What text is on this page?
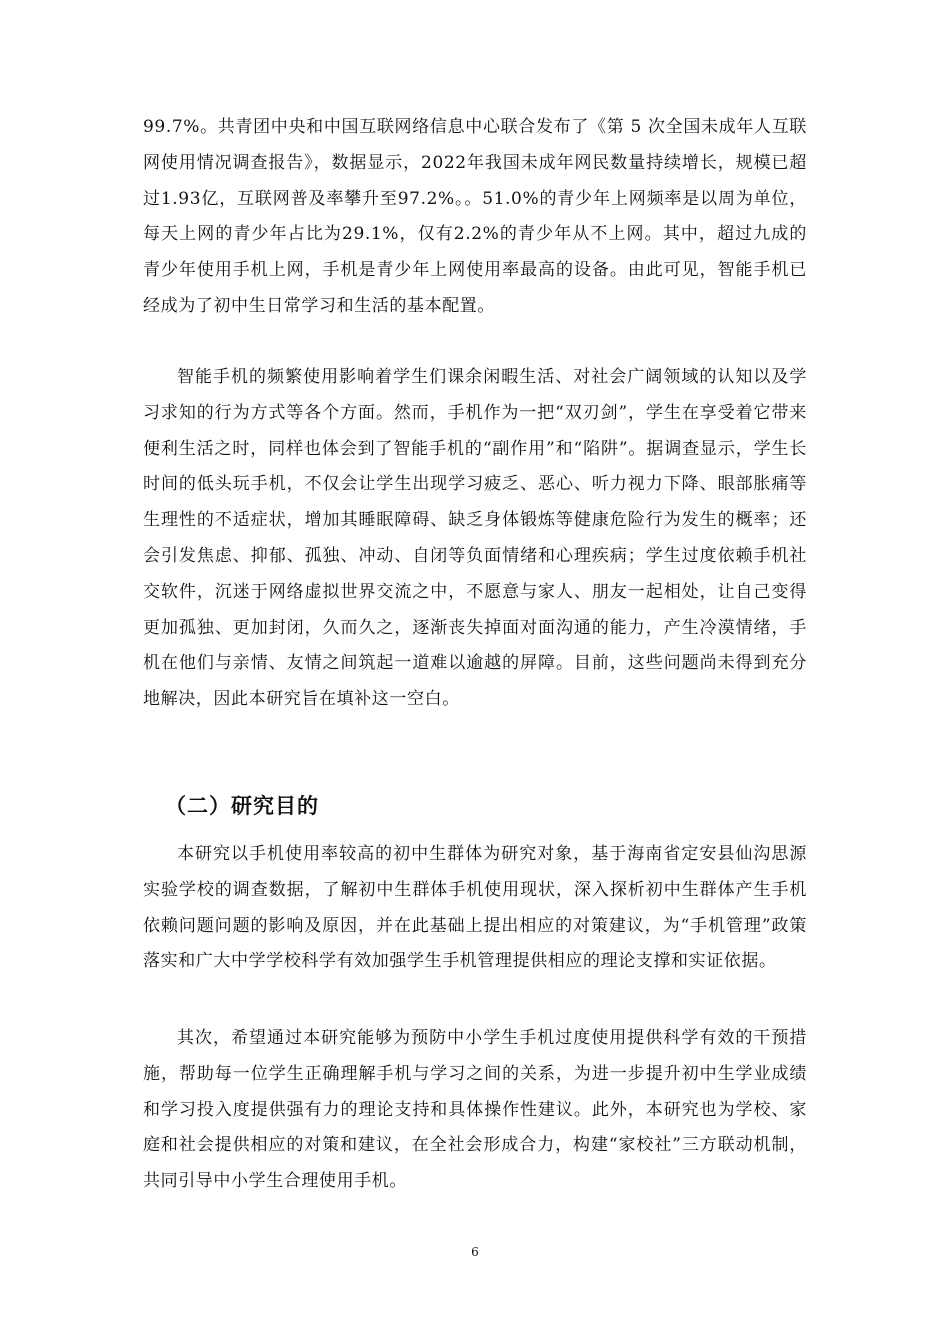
99.7%。共青团中央和中国互联网络信息中心联合发布了《第 5 次全国未成年人互联网使用情况调查报告》，数据显示，2022年我国未成年网民数量持续增长，规模已超过1.93亿，互联网普及率攀升至97.2%。。51.0%的青少年上网频率是以周为单位，每天上网的青少年占比为29.1%，仅有2.2%的青少年从不上网。其中，超过九成的青少年使用手机上网，手机是青少年上网使用率最高的设备。由此可见，智能手机已经成为了初中生日常学习和生活的基本配置。

智能手机的频繁使用影响着学生们课余闲暇生活、对社会广阔领域的认知以及学习求知的行为方式等各个方面。然而，手机作为一把“双刃剑”，学生在享受着它带来便利生活之时，同样也体会到了智能手机的“副作用”和“陷阱”。据调查显示，学生长时间的低头玩手机，不仅会让学生出现学习疲乏、恶心、听力视力下降、眼部胀痛等生理性的不适症状，增加其睡眠障碍、缺乏身体锻炼等健康危险行为发生的概率；还会引发焦虑、抑郁、孤独、冲动、自闭等负面情绪和心理疾病；学生过度依赖手机社交软件，沉迷于网络虚拟世界交流之中，不愿意与家人、朋友一起相处，让自己变得更加孤独、更加封闭，久而久之，逐渐丧失掉面对面沟通的能力，产生冷漠情绪，手机在他们与亲情、友情之间筑起一道难以逾越的屏障。目前，这些问题尚未得到充分地解决，因此本研究旨在填补这一空白。

（二）研究目的

本研究以手机使用率较高的初中生群体为研究对象，基于海南省定安县仙沟思源实验学校的调查数据，了解初中生群体手机使用现状，深入探析初中生群体产生手机依赖问题问题的影响及原因，并在此基础上提出相应的对策建议，为“手机管理”政策落实和广大中学学校科学有效加强学生手机管理提供相应的理论支撑和实证依据。

其次，希望通过本研究能够为预防中小学生手机过度使用提供科学有效的干预措施，帮助每一位学生正确理解手机与学习之间的关系，为进一步提升初中生学业成绩和学习投入度提供强有力的理论支持和具体操作性建议。此外，本研究也为学校、家庭和社会提供相应的对策和建议，在全社会形成合力，构建“家校社”三方联动机制，共同引导中小学生合理使用手机。

6
